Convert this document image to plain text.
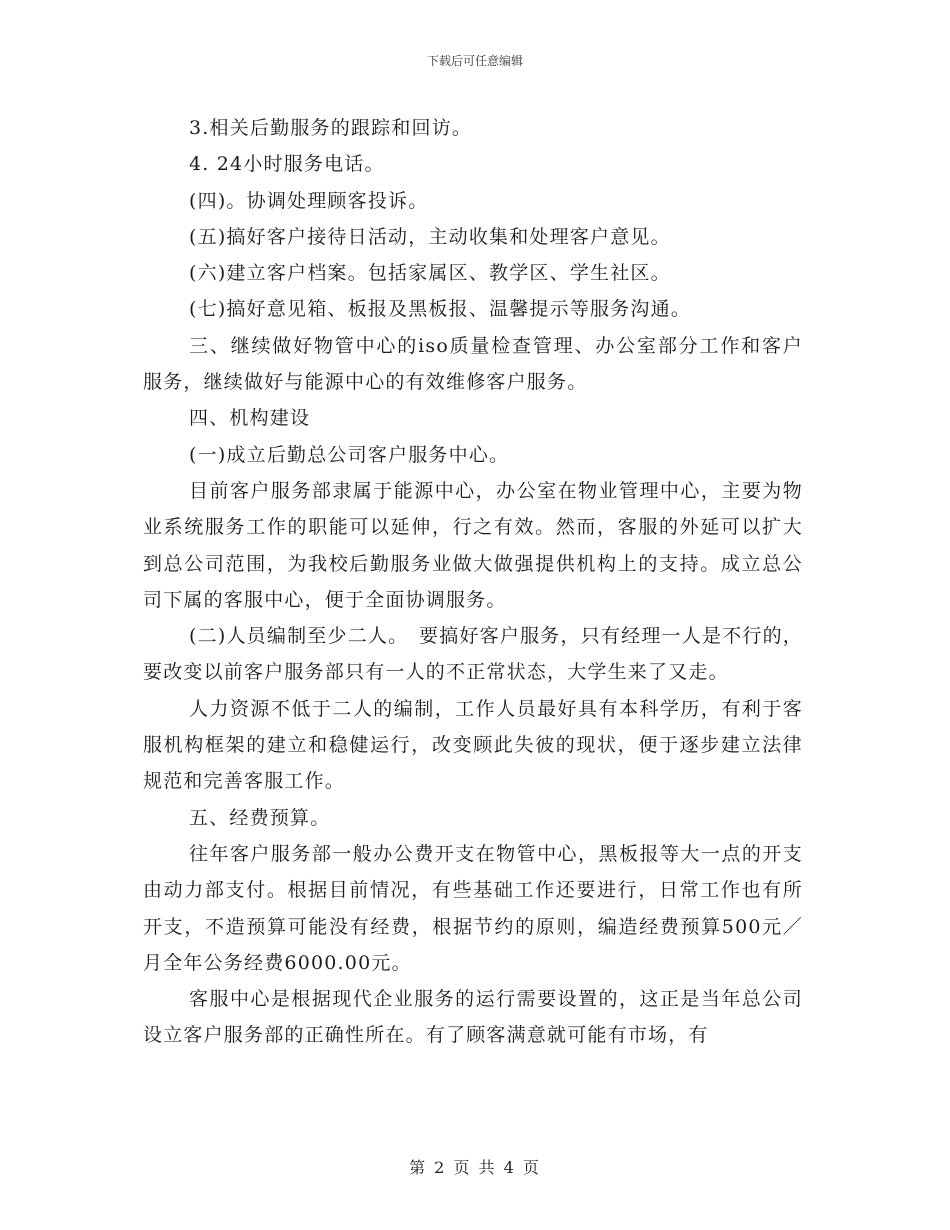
下载后可任意编辑

3.相关后勤服务的跟踪和回访。

4. 24小时服务电话。

(四)。协调处理顾客投诉。

(五)搞好客户接待日活动，主动收集和处理客户意见。

(六)建立客户档案。包括家属区、教学区、学生社区。

(七)搞好意见箱、板报及黑板报、温馨提示等服务沟通。

三、继续做好物管中心的iso质量检查管理、办公室部分工作和客户服务，继续做好与能源中心的有效维修客户服务。

四、机构建设

(一)成立后勤总公司客户服务中心。

目前客户服务部隶属于能源中心，办公室在物业管理中心，主要为物业系统服务工作的职能可以延伸，行之有效。然而，客服的外延可以扩大到总公司范围，为我校后勤服务业做大做强提供机构上的支持。成立总公司下属的客服中心，便于全面协调服务。

(二)人员编制至少二人。　要搞好客户服务，只有经理一人是不行的，要改变以前客户服务部只有一人的不正常状态，大学生来了又走。

人力资源不低于二人的编制，工作人员最好具有本科学历，有利于客服机构框架的建立和稳健运行，改变顾此失彼的现状，便于逐步建立法律规范和完善客服工作。

五、经费预算。

往年客户服务部一般办公费开支在物管中心，黑板报等大一点的开支由动力部支付。根据目前情况，有些基础工作还要进行，日常工作也有所开支，不造预算可能没有经费，根据节约的原则，编造经费预算500元／月全年公务经费6000.00元。

客服中心是根据现代企业服务的运行需要设置的，这正是当年总公司设立客户服务部的正确性所在。有了顾客满意就可能有市场，有

第 2 页 共 4 页
